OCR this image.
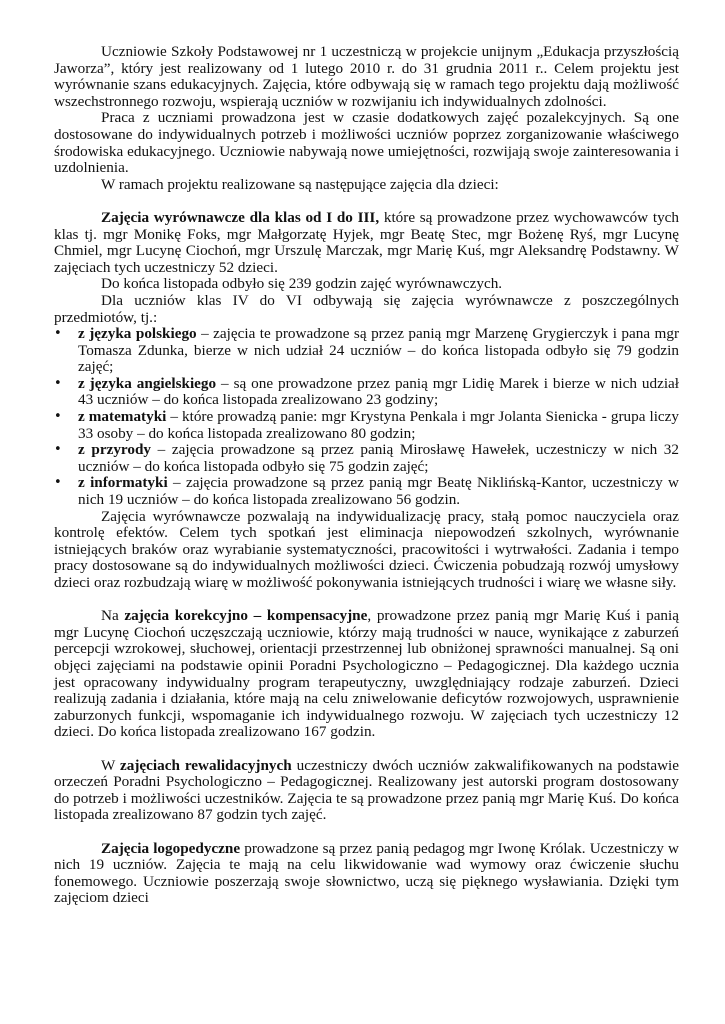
Uczniowie Szkoły Podstawowej nr 1 uczestniczą w projekcie unijnym „Edukacja przyszłością Jaworza”, który jest realizowany od 1 lutego 2010 r. do 31 grudnia 2011 r.. Celem projektu jest wyrównanie szans edukacyjnych. Zajęcia, które odbywają się w ramach tego projektu dają możliwość wszechstronnego rozwoju, wspierają uczniów w rozwijaniu ich indywidualnych zdolności.

Praca z uczniami prowadzona jest w czasie dodatkowych zajęć pozalekcyjnych. Są one dostosowane do indywidualnych potrzeb i możliwości uczniów poprzez zorganizowanie właściwego środowiska edukacyjnego. Uczniowie nabywają nowe umiejętności, rozwijają swoje zainteresowania i uzdolnienia.

W ramach projektu realizowane są następujące zajęcia dla dzieci:

Zajęcia wyrównawcze dla klas od I do III, które są prowadzone przez wychowawców tych klas tj. mgr Monikę Foks, mgr Małgorzatę Hyjek, mgr Beatę Stec, mgr Bożenę Ryś, mgr Lucynę Chmiel, mgr Lucynę Ciochoń, mgr Urszulę Marczak, mgr Marię Kuś, mgr Aleksandrę Podstawny. W zajęciach tych uczestniczy 52 dzieci.

Do końca listopada odbyło się 239 godzin zajęć wyrównawczych.

Dla uczniów klas IV do VI odbywają się zajęcia wyrównawcze z poszczególnych przedmiotów, tj.:

•	z języka polskiego – zajęcia te prowadzone są przez panią mgr Marzenę Grygierczyk i pana mgr Tomasza Zdunka, bierze w nich udział 24 uczniów – do końca listopada odbyło się 79 godzin zajęć;
•	z języka angielskiego – są one prowadzone przez panią mgr Lidię Marek i bierze w nich udział 43 uczniów – do końca listopada zrealizowano 23 godziny;
•	z matematyki – które prowadzą panie: mgr Krystyna Penkala i mgr Jolanta Sienicka - grupa liczy 33 osoby – do końca listopada zrealizowano 80 godzin;
•	z przyrody – zajęcia prowadzone są przez panią Mirosławę Hawełek, uczestniczy w nich 32 uczniów – do końca listopada odbyło się 75 godzin zajęć;
•	z informatyki – zajęcia prowadzone są przez panią mgr Beatę Niklińską-Kantor, uczestniczy w nich 19 uczniów – do końca listopada zrealizowano 56 godzin.

Zajęcia wyrównawcze pozwalają na indywidualizację pracy, stałą pomoc nauczyciela oraz kontrolę efektów. Celem tych spotkań jest eliminacja niepowodzeń szkolnych, wyrównanie istniejących braków oraz wyrabianie systematyczności, pracowitości i wytrwałości. Zadania i tempo pracy dostosowane są do indywidualnych możliwości dzieci. Ćwiczenia pobudzają rozwój umysłowy dzieci oraz rozbudzają wiarę w możliwość pokonywania istniejących trudności i wiarę we własne siły.

Na zajęcia korekcyjno – kompensacyjne, prowadzone przez panią mgr Marię Kuś i panią mgr Lucynę Ciochoń uczęszczają uczniowie, którzy mają trudności w nauce, wynikające z zaburzeń percepcji wzrokowej, słuchowej, orientacji przestrzennej lub obniżonej sprawności manualnej. Są oni objęci zajęciami na podstawie opinii Poradni Psychologiczno – Pedagogicznej. Dla każdego ucznia jest opracowany indywidualny program terapeutyczny, uwzględniający rodzaje zaburzeń. Dzieci realizują zadania i działania, które mają na celu zniwelowanie deficytów rozwojowych, usprawnienie zaburzonych funkcji, wspomaganie ich indywidualnego rozwoju. W zajęciach tych uczestniczy 12 dzieci. Do końca listopada zrealizowano 167 godzin.

W zajęciach rewalidacyjnych uczestniczy dwóch uczniów zakwalifikowanych na podstawie orzeczeń Poradni Psychologiczno – Pedagogicznej. Realizowany jest autorski program dostosowany do potrzeb i możliwości uczestników. Zajęcia te są prowadzone przez panią mgr Marię Kuś. Do końca listopada zrealizowano 87 godzin tych zajęć.

Zajęcia logopedyczne prowadzone są przez panią pedagog mgr Iwonę Królak. Uczestniczy w nich 19 uczniów. Zajęcia te mają na celu likwidowanie wad wymowy oraz ćwiczenie słuchu fonemowego. Uczniowie poszerzają swoje słownictwo, uczą się pięknego wysławiania. Dzięki tym zajęciom dzieci
